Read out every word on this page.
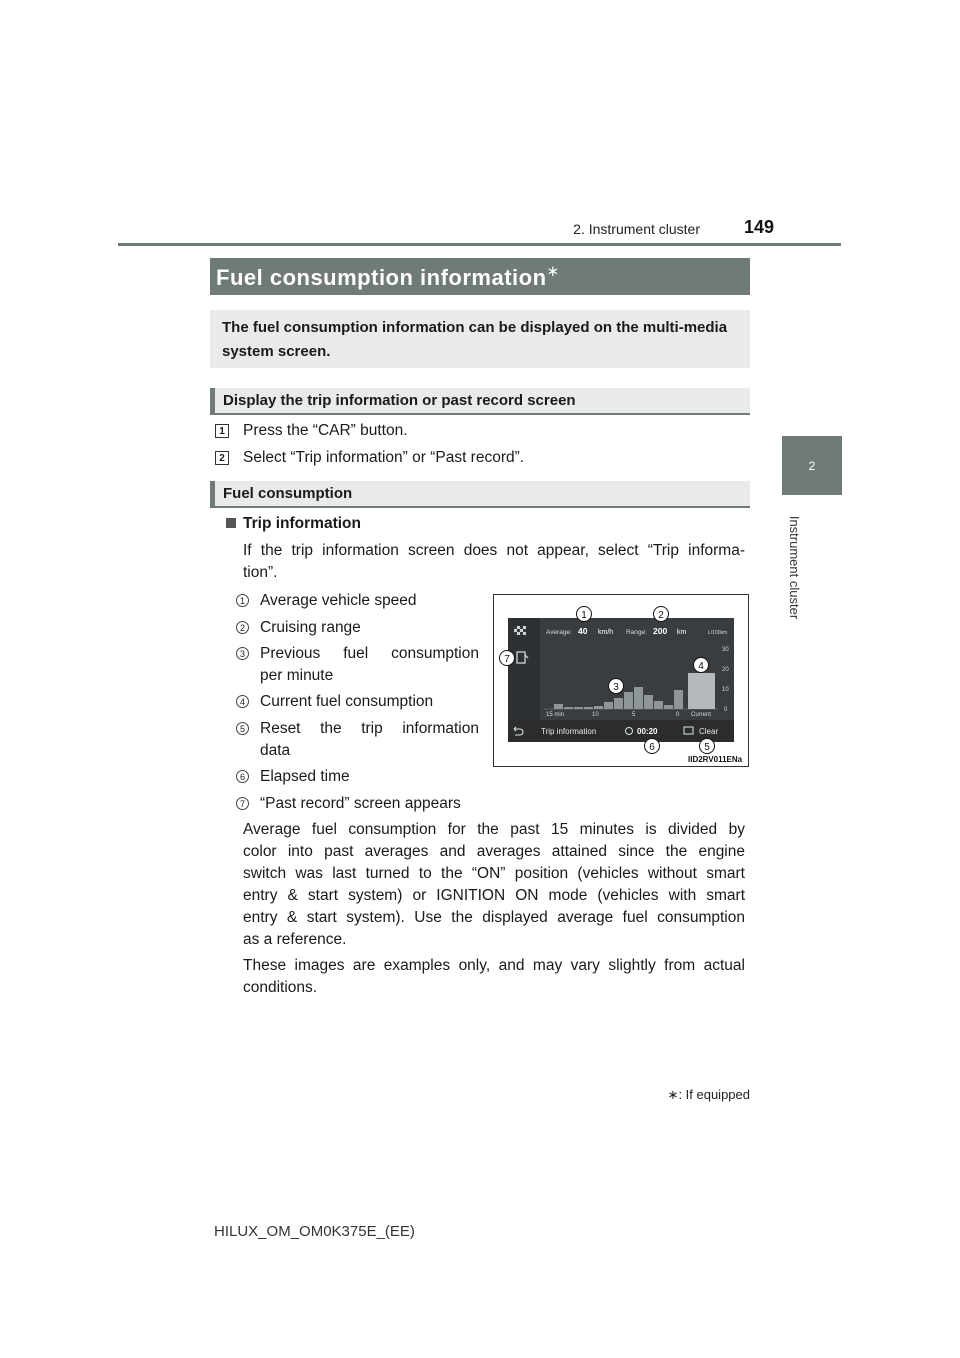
2. Instrument cluster	149
2
Instrument cluster
Fuel consumption information∗
The fuel consumption information can be displayed on the multi-media system screen.
Display the trip information or past record screen
1 Press the “CAR” button.
2 Select “Trip information” or “Past record”.
Fuel consumption
Trip information
If the trip information screen does not appear, select “Trip informa-
tion”.
1 Average vehicle speed
2 Cruising range
3 Previous fuel consumption
per minute
4 Current fuel consumption
5 Reset the trip information
data
6 Elapsed time
7 “Past record” screen appears
Average: 40 km/h Range: 200 km	L/100km
15 min	10	5	0 Current
30
20
10
0
Trip information	00:20	Clear
1	2
3
4
5
6
7
IID2RV011ENa
Average fuel consumption for the past 15 minutes is divided by
color into past averages and averages attained since the engine
switch was last turned to the “ON” position (vehicles without smart
entry & start system) or IGNITION ON mode (vehicles with smart
entry & start system). Use the displayed average fuel consumption
as a reference.
These images are examples only, and may vary slightly from actual
conditions.
∗: If equipped
HILUX_OM_OM0K375E_(EE)
